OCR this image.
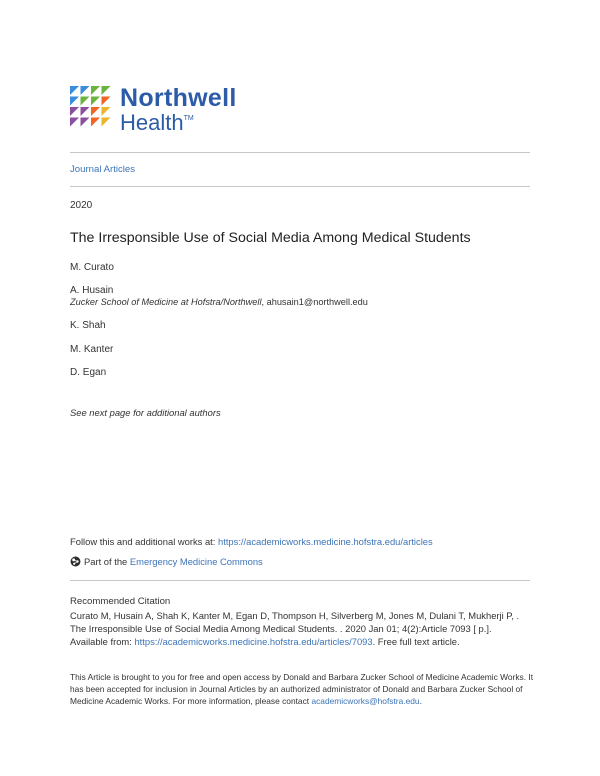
Northwell
Health™
Journal Articles
2020
The Irresponsible Use of Social Media Among Medical Students
M. Curato
A. Husain
Zucker School of Medicine at Hofstra/Northwell, ahusain1@northwell.edu
K. Shah
M. Kanter
D. Egan
See next page for additional authors
Follow this and additional works at: https://academicworks.medicine.hofstra.edu/articles
Part of the Emergency Medicine Commons
Recommended Citation
Curato M, Husain A, Shah K, Kanter M, Egan D, Thompson H, Silverberg M, Jones M, Dulani T, Mukherji P, .
The Irresponsible Use of Social Media Among Medical Students. . 2020 Jan 01; 4(2):Article 7093 [ p.].
Available from: https://academicworks.medicine.hofstra.edu/articles/7093. Free full text article.
This Article is brought to you for free and open access by Donald and Barbara Zucker School of Medicine Academic Works. It has been accepted for inclusion in Journal Articles by an authorized administrator of Donald and Barbara Zucker School of Medicine Academic Works. For more information, please contact academicworks@hofstra.edu.
